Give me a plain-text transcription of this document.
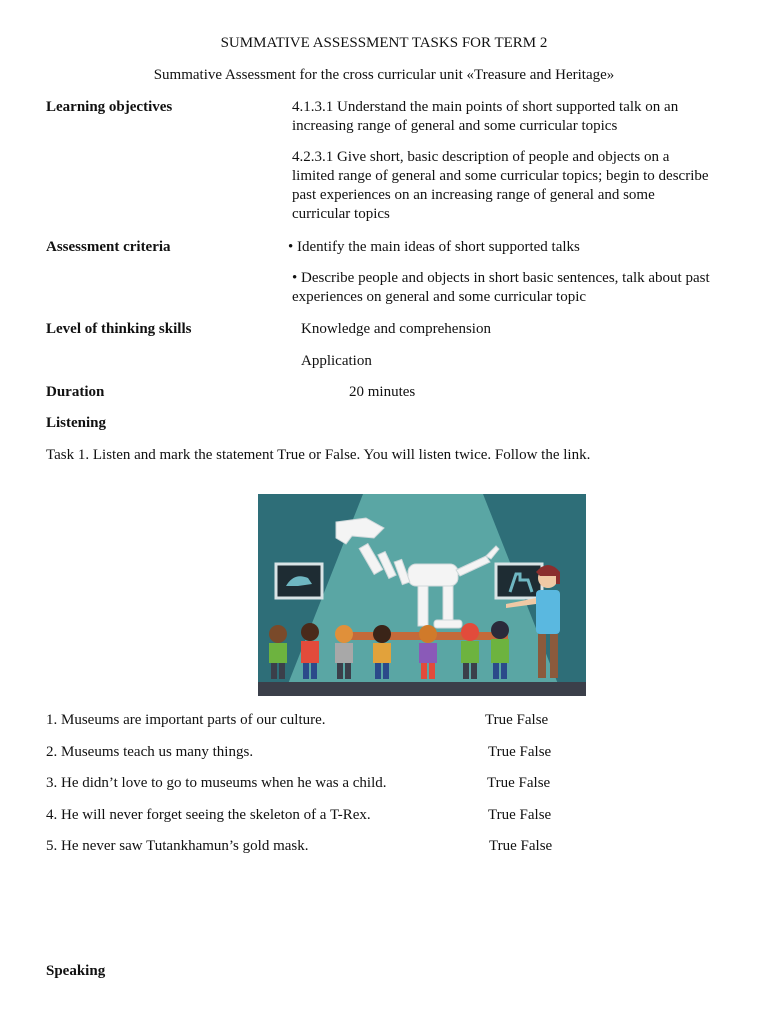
SUMMATIVE ASSESSMENT TASKS FOR TERM 2
Summative Assessment for the cross curricular unit «Treasure and Heritage»
Learning objectives	4.1.3.1 Understand the main points of short supported talk on an increasing range of general and some curricular topics
4.2.3.1 Give short, basic description of people and objects on a limited range of general and some curricular topics; begin to describe past experiences on an increasing range of general and some curricular topics
Assessment criteria	• Identify the main ideas of short supported talks
• Describe people and objects in short basic sentences, talk about past experiences on general and some curricular topic
Level of thinking skills	Knowledge and comprehension
Application
Duration	20 minutes
Listening
Task 1. Listen and mark the statement True or False. You will listen twice. Follow the link.
1. Museums are important parts of our culture.	True False
2. Museums teach us many things.	True False
3. He didn’t love to go to museums when he was a child.	True False
4. He will never forget seeing the skeleton of a T-Rex.	True False
5. He never saw Tutankhamun’s gold mask.	True False
Speaking
